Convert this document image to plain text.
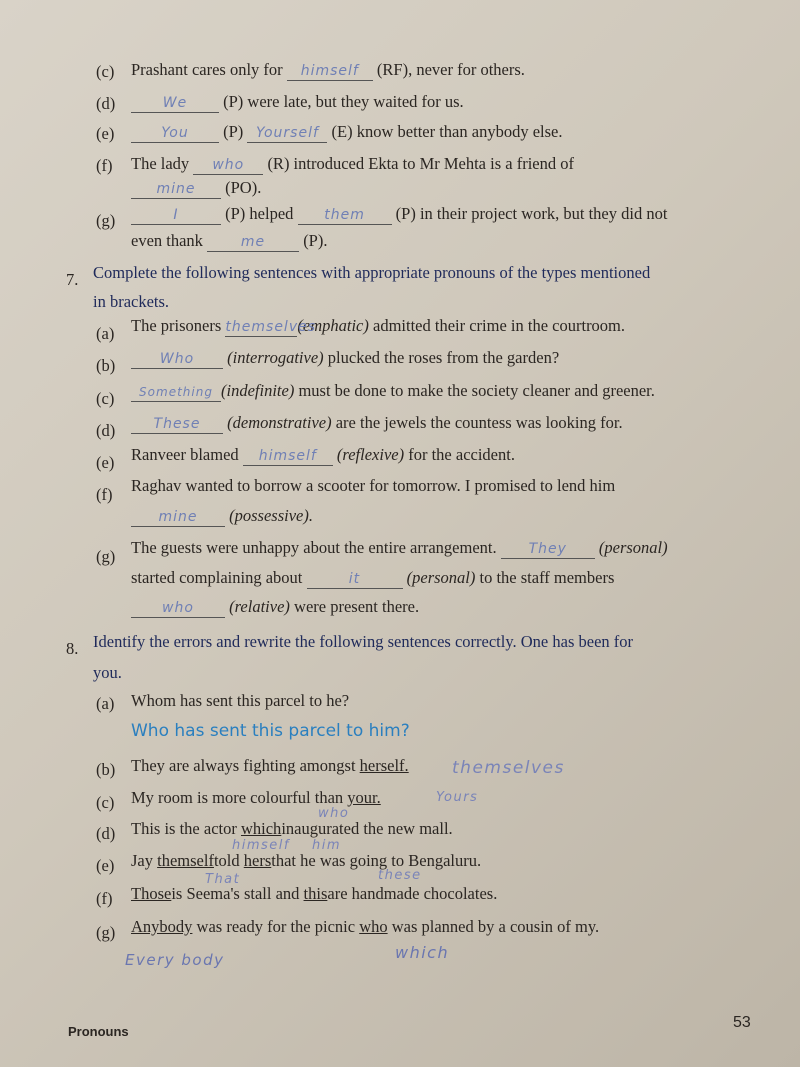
(c) Prashant cares only for himself (RF), never for others.
(d)	We (P) were late, but they waited for us.
(e)	You (P) Yourself (E) know better than anybody else.
(f) The lady who (R) introduced Ekta to Mr Mehta is a friend of
mine (PO).
(g)	I	(P) helped them (P) in their project work, but they did not
even thank	me (P).
7. Complete the following sentences with appropriate pronouns of the types mentioned
in brackets.
(a) The prisoners themselves(emphatic) admitted their crime in the courtroom.
(b)	Who (interrogative) plucked the roses from the garden?
(c)	Something (indefinite) must be done to make the society cleaner and greener.
(d)	These (demonstrative) are the jewels the countess was looking for.
(e) Ranveer blamed himself (reflexive) for the accident.
(f) Raghav wanted to borrow a scooter for tomorrow. I promised to lend him
mine (possessive).
(g) The guests were unhappy about the entire arrangement. They (personal)
started complaining about	it	(personal) to the staff members
who (relative) were present there.
8. Identify the errors and rewrite the following sentences correctly. One has been for
you.
(a) Whom has sent this parcel to he?
Who has sent this parcel to him?
(b) They are always fighting amongst herself.	themselves
(c) My room is more colourful than your.	Yours
(d)
who
This is the actor whichinaugurated the new mall.
(e)
himself him
Jay themselftold hersthat he was going to Bengaluru.
(f)
That	these
Thoseis Seema's stall and thisare handmade chocolates.
(g) Anybody was ready for the picnic who was planned by a cousin of my.
Every body	which
Pronouns
53
